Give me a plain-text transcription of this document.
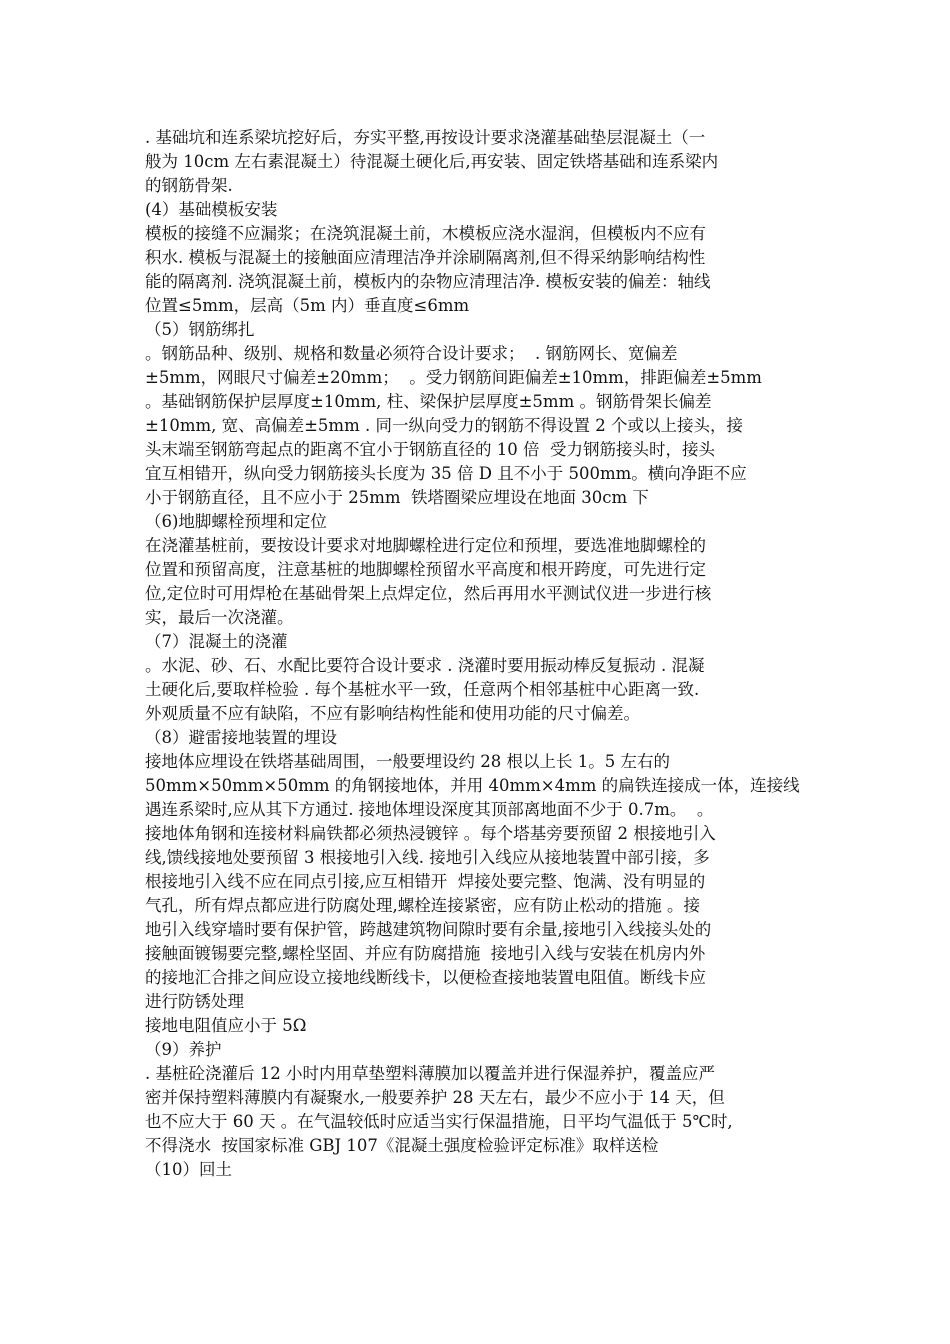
. 基础坑和连系梁坑挖好后，夯实平整,再按设计要求浇灌基础垫层混凝土（一
般为 10cm 左右素混凝土）待混凝土硬化后,再安装、固定铁塔基础和连系梁内
的钢筋骨架.
(4）基础模板安装
模板的接缝不应漏浆；在浇筑混凝土前，木模板应浇水湿润，但模板内不应有
积水. 模板与混凝土的接触面应清理洁净并涂刷隔离剂,但不得采纳影响结构性
能的隔离剂. 浇筑混凝土前，模板内的杂物应清理洁净. 模板安装的偏差：轴线
位置≤5mm，层高（5m 内）垂直度≤6mm
（5）钢筋绑扎
。钢筋品种、级别、规格和数量必须符合设计要求；  . 钢筋网长、宽偏差
±5mm，网眼尺寸偏差±20mm；  。受力钢筋间距偏差±10mm，排距偏差±5mm
。基础钢筋保护层厚度±10mm, 柱、梁保护层厚度±5mm 。钢筋骨架长偏差
±10mm, 宽、高偏差±5mm . 同一纵向受力的钢筋不得设置 2 个或以上接头，接
头末端至钢筋弯起点的距离不宜小于钢筋直径的 10 倍  受力钢筋接头时，接头
宜互相错开，纵向受力钢筋接头长度为 35 倍 D 且不小于 500mm。横向净距不应
小于钢筋直径，且不应小于 25mm  铁塔圈梁应埋设在地面 30cm 下
（6)地脚螺栓预埋和定位
在浇灌基桩前，要按设计要求对地脚螺栓进行定位和预埋，要选准地脚螺栓的
位置和预留高度，注意基桩的地脚螺栓预留水平高度和根开跨度，可先进行定
位,定位时可用焊枪在基础骨架上点焊定位，然后再用水平测试仪进一步进行核
实，最后一次浇灌。
（7）混凝土的浇灌
。水泥、砂、石、水配比要符合设计要求 . 浇灌时要用振动棒反复振动 . 混凝
土硬化后,要取样检验 . 每个基桩水平一致，任意两个相邻基桩中心距离一致.
外观质量不应有缺陷，不应有影响结构性能和使用功能的尺寸偏差。
（8）避雷接地装置的埋设
接地体应埋设在铁塔基础周围，一般要埋设约 28 根以上长 1。5 左右的
50mm×50mm×50mm 的角钢接地体，并用 40mm×4mm 的扁铁连接成一体，连接线
遇连系梁时,应从其下方通过. 接地体埋设深度其顶部离地面不少于 0.7m。  。
接地体角钢和连接材料扁铁都必须热浸镀锌 。每个塔基旁要预留 2 根接地引入
线,馈线接地处要预留 3 根接地引入线. 接地引入线应从接地装置中部引接，多
根接地引入线不应在同点引接,应互相错开  焊接处要完整、饱满、没有明显的
气孔，所有焊点都应进行防腐处理,螺栓连接紧密，应有防止松动的措施 。接
地引入线穿墙时要有保护管，跨越建筑物间隙时要有余量,接地引入线接头处的
接触面镀锡要完整,螺栓坚固、并应有防腐措施  接地引入线与安装在机房内外
的接地汇合排之间应设立接地线断线卡，以便检查接地装置电阻值。断线卡应
进行防锈处理
接地电阻值应小于 5Ω
（9）养护
. 基桩砼浇灌后 12 小时内用草垫塑料薄膜加以覆盖并进行保湿养护，覆盖应严
密并保持塑料薄膜内有凝聚水,一般要养护 28 天左右，最少不应小于 14 天，但
也不应大于 60 天 。在气温较低时应适当实行保温措施，日平均气温低于 5℃时,
不得浇水  按国家标准 GBJ 107《混凝土强度检验评定标准》取样送检
（10）回土
